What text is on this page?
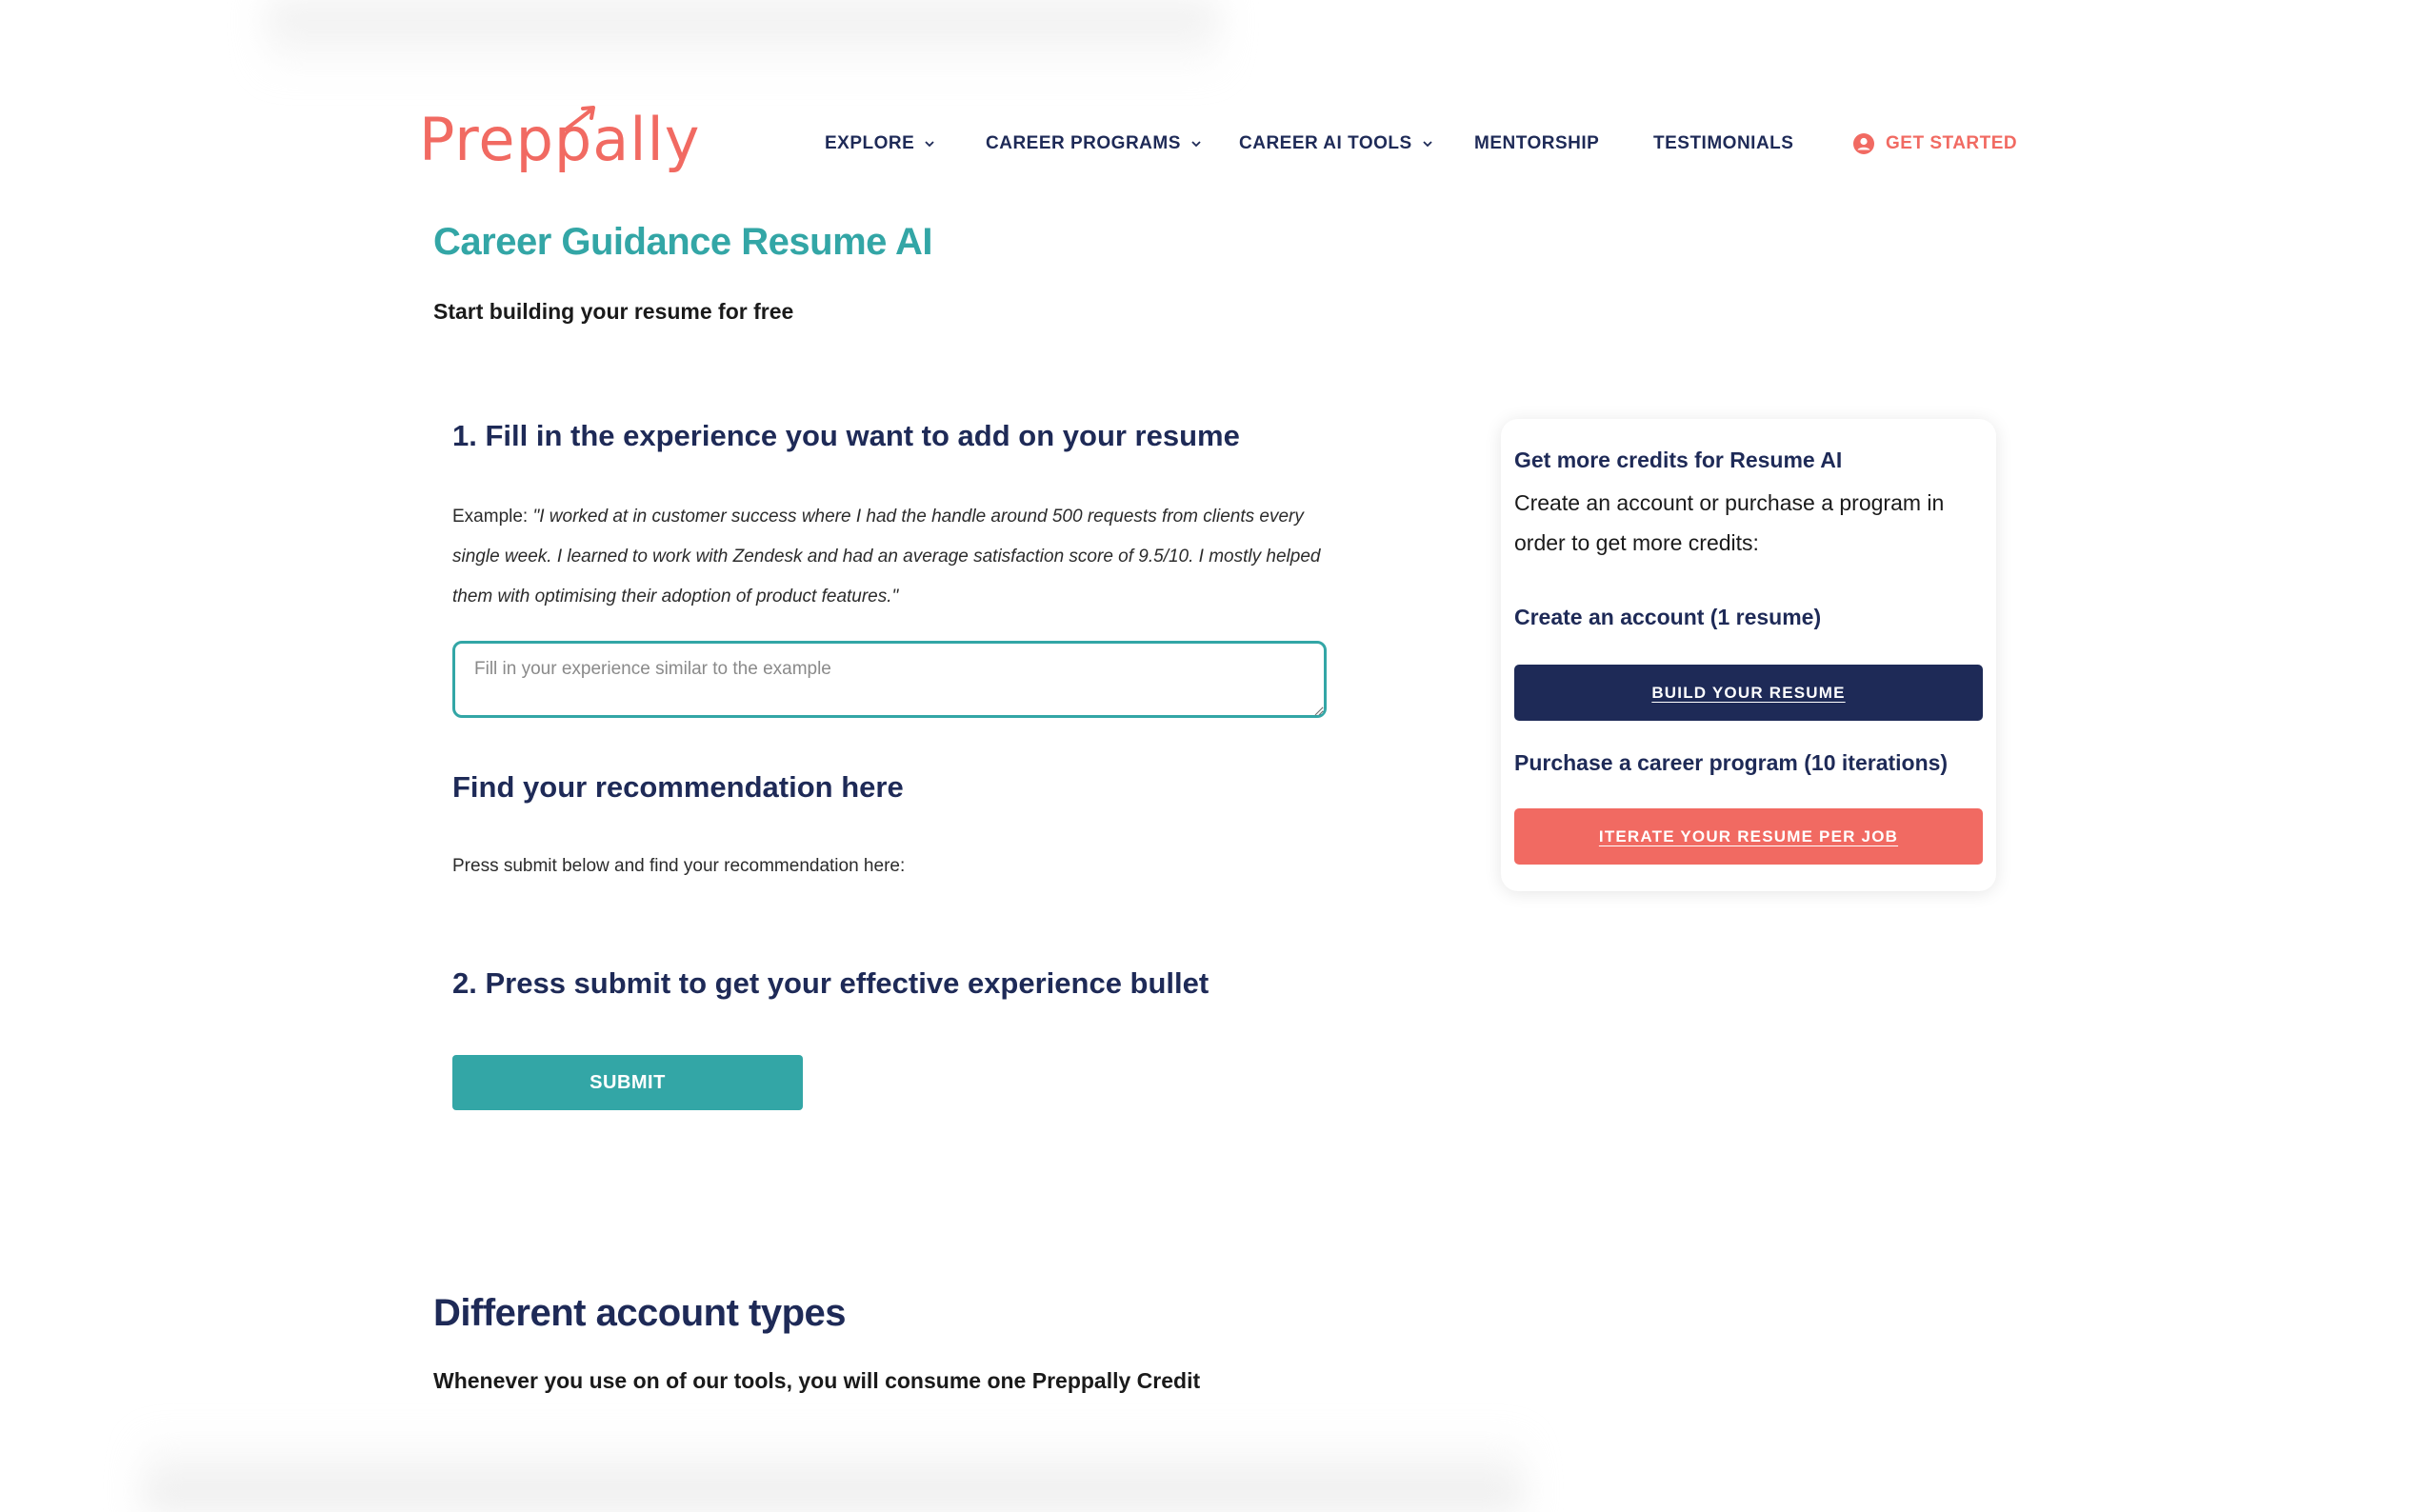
Preppally	EXPLORE	CAREER PROGRAMS	CAREER AI TOOLS	MENTORSHIP	TESTIMONIALS	GET STARTED
Career Guidance Resume AI

Start building your resume for free

1. Fill in the experience you want to add on your resume

Example: "I worked at in customer success where I had the handle around 500 requests from clients every single week. I learned to work with Zendesk and had an average satisfaction score of 9.5/10. I mostly helped them with optimising their adoption of product features."

Fill in your experience similar to the example
Find your recommendation here

Press submit below and find your recommendation here:

2. Press submit to get your effective experience bullet
SUBMIT
Different account types

Whenever you use on of our tools, you will consume one Preppally Credit

Get more credits for Resume AI
Create an account or purchase a program in order to get more credits:
Create an account (1 resume)
BUILD YOUR RESUME
Purchase a career program (10 iterations)
ITERATE YOUR RESUME PER JOB
